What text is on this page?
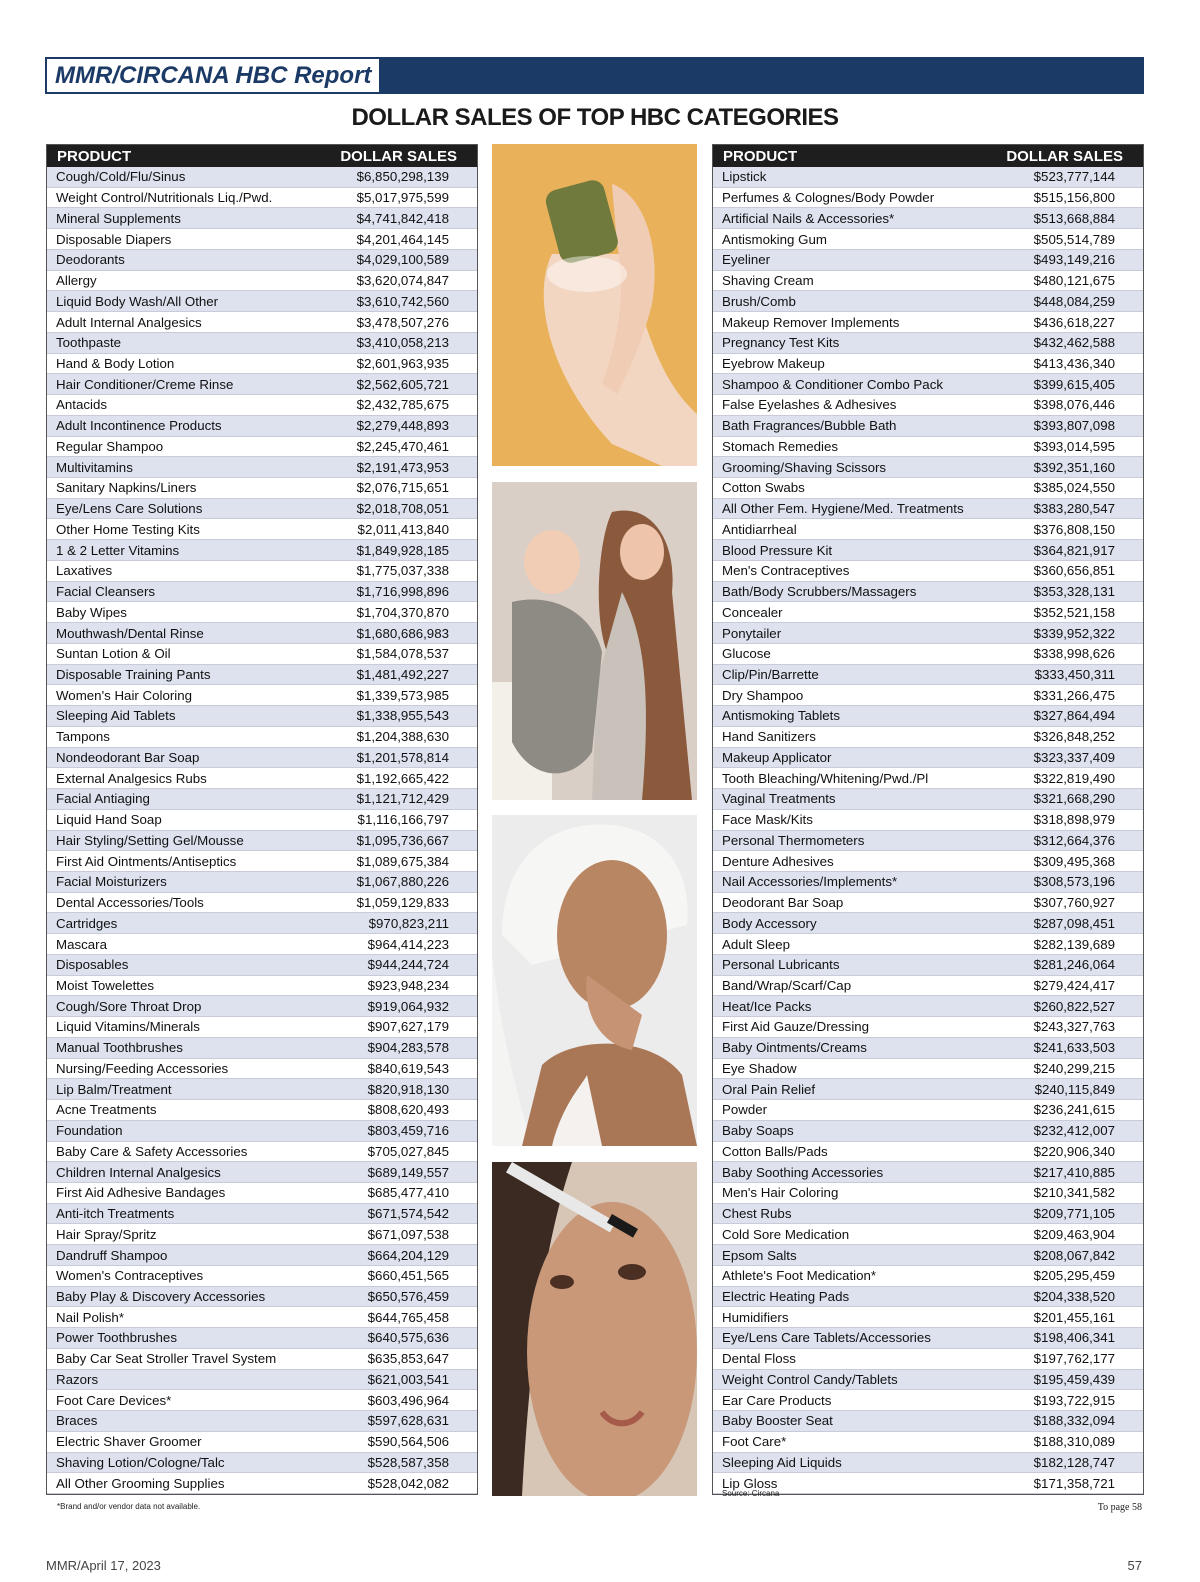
MMR/CIRCANA HBC Report
DOLLAR SALES OF TOP HBC CATEGORIES
PRODUCT	DOLLAR SALES
Cough/Cold/Flu/Sinus	$6,850,298,139
Weight Control/Nutritionals Liq./Pwd.	$5,017,975,599
Mineral Supplements	$4,741,842,418
Disposable Diapers	$4,201,464,145
Deodorants	$4,029,100,589
Allergy	$3,620,074,847
Liquid Body Wash/All Other	$3,610,742,560
Adult Internal Analgesics	$3,478,507,276
Toothpaste	$3,410,058,213
Hand & Body Lotion	$2,601,963,935
Hair Conditioner/Creme Rinse	$2,562,605,721
Antacids	$2,432,785,675
Adult Incontinence Products	$2,279,448,893
Regular Shampoo	$2,245,470,461
Multivitamins	$2,191,473,953
Sanitary Napkins/Liners	$2,076,715,651
Eye/Lens Care Solutions	$2,018,708,051
Other Home Testing Kits	$2,011,413,840
1 & 2 Letter Vitamins	$1,849,928,185
Laxatives	$1,775,037,338
Facial Cleansers	$1,716,998,896
Baby Wipes	$1,704,370,870
Mouthwash/Dental Rinse	$1,680,686,983
Suntan Lotion & Oil	$1,584,078,537
Disposable Training Pants	$1,481,492,227
Women's Hair Coloring	$1,339,573,985
Sleeping Aid Tablets	$1,338,955,543
Tampons	$1,204,388,630
Nondeodorant Bar Soap	$1,201,578,814
External Analgesics Rubs	$1,192,665,422
Facial Antiaging	$1,121,712,429
Liquid Hand Soap	$1,116,166,797
Hair Styling/Setting Gel/Mousse	$1,095,736,667
First Aid Ointments/Antiseptics	$1,089,675,384
Facial Moisturizers	$1,067,880,226
Dental Accessories/Tools	$1,059,129,833
Cartridges	$970,823,211
Mascara	$964,414,223
Disposables	$944,244,724
Moist Towelettes	$923,948,234
Cough/Sore Throat Drop	$919,064,932
Liquid Vitamins/Minerals	$907,627,179
Manual Toothbrushes	$904,283,578
Nursing/Feeding Accessories	$840,619,543
Lip Balm/Treatment	$820,918,130
Acne Treatments	$808,620,493
Foundation	$803,459,716
Baby Care & Safety Accessories	$705,027,845
Children Internal Analgesics	$689,149,557
First Aid Adhesive Bandages	$685,477,410
Anti-itch Treatments	$671,574,542
Hair Spray/Spritz	$671,097,538
Dandruff Shampoo	$664,204,129
Women's Contraceptives	$660,451,565
Baby Play & Discovery Accessories	$650,576,459
Nail Polish*	$644,765,458
Power Toothbrushes	$640,575,636
Baby Car Seat Stroller Travel System	$635,853,647
Razors	$621,003,541
Foot Care Devices*	$603,496,964
Braces	$597,628,631
Electric Shaver Groomer	$590,564,506
Shaving Lotion/Cologne/Talc	$528,587,358
All Other Grooming Supplies	$528,042,082
PRODUCT	DOLLAR SALES
Lipstick	$523,777,144
Perfumes & Colognes/Body Powder	$515,156,800
Artificial Nails & Accessories*	$513,668,884
Antismoking Gum	$505,514,789
Eyeliner	$493,149,216
Shaving Cream	$480,121,675
Brush/Comb	$448,084,259
Makeup Remover Implements	$436,618,227
Pregnancy Test Kits	$432,462,588
Eyebrow Makeup	$413,436,340
Shampoo & Conditioner Combo Pack	$399,615,405
False Eyelashes & Adhesives	$398,076,446
Bath Fragrances/Bubble Bath	$393,807,098
Stomach Remedies	$393,014,595
Grooming/Shaving Scissors	$392,351,160
Cotton Swabs	$385,024,550
All Other Fem. Hygiene/Med. Treatments	$383,280,547
Antidiarrheal	$376,808,150
Blood Pressure Kit	$364,821,917
Men's Contraceptives	$360,656,851
Bath/Body Scrubbers/Massagers	$353,328,131
Concealer	$352,521,158
Ponytailer	$339,952,322
Glucose	$338,998,626
Clip/Pin/Barrette	$333,450,311
Dry Shampoo	$331,266,475
Antismoking Tablets	$327,864,494
Hand Sanitizers	$326,848,252
Makeup Applicator	$323,337,409
Tooth Bleaching/Whitening/Pwd./Pl	$322,819,490
Vaginal Treatments	$321,668,290
Face Mask/Kits	$318,898,979
Personal Thermometers	$312,664,376
Denture Adhesives	$309,495,368
Nail Accessories/Implements*	$308,573,196
Deodorant Bar Soap	$307,760,927
Body Accessory	$287,098,451
Adult Sleep	$282,139,689
Personal Lubricants	$281,246,064
Band/Wrap/Scarf/Cap	$279,424,417
Heat/Ice Packs	$260,822,527
First Aid Gauze/Dressing	$243,327,763
Baby Ointments/Creams	$241,633,503
Eye Shadow	$240,299,215
Oral Pain Relief	$240,115,849
Powder	$236,241,615
Baby Soaps	$232,412,007
Cotton Balls/Pads	$220,906,340
Baby Soothing Accessories	$217,410,885
Men's Hair Coloring	$210,341,582
Chest Rubs	$209,771,105
Cold Sore Medication	$209,463,904
Epsom Salts	$208,067,842
Athlete's Foot Medication*	$205,295,459
Electric Heating Pads	$204,338,520
Humidifiers	$201,455,161
Eye/Lens Care Tablets/Accessories	$198,406,341
Dental Floss	$197,762,177
Weight Control Candy/Tablets	$195,459,439
Ear Care Products	$193,722,915
Baby Booster Seat	$188,332,094
Foot Care*	$188,310,089
Sleeping Aid Liquids	$182,128,747
Lip Gloss	$171,358,721
*Brand and/or vendor data not available.
Source: Circana
To page 58
MMR/April 17, 2023	57
